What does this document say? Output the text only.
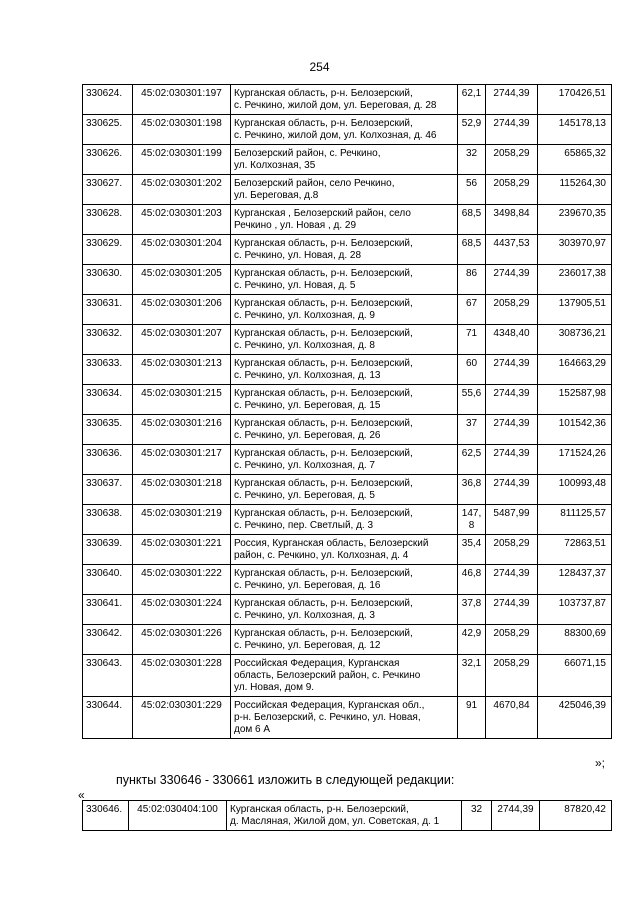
254
330624.	45:02:030301:197	Курганская область, р-н. Белозерский,
с. Речкино, жилой дом, ул. Береговая, д. 28	62,1	2744,39	170426,51
330625.	45:02:030301:198	Курганская область, р-н. Белозерский,
с. Речкино, жилой дом, ул. Колхозная, д. 46	52,9	2744,39	145178,13
330626.	45:02:030301:199	Белозерский район, с. Речкино,
ул. Колхозная, 35	32	2058,29	65865,32
330627.	45:02:030301:202	Белозерский район, село Речкино,
ул. Береговая, д.8	56	2058,29	115264,30
330628.	45:02:030301:203	Курганская , Белозерский район, село
Речкино , ул. Новая , д. 29	68,5	3498,84	239670,35
330629.	45:02:030301:204	Курганская область, р-н. Белозерский,
с. Речкино, ул. Новая, д. 28	68,5	4437,53	303970,97
330630.	45:02:030301:205	Курганская область, р-н. Белозерский,
с. Речкино, ул. Новая, д. 5	86	2744,39	236017,38
330631.	45:02:030301:206	Курганская область, р-н. Белозерский,
с. Речкино, ул. Колхозная, д. 9	67	2058,29	137905,51
330632.	45:02:030301:207	Курганская область, р-н. Белозерский,
с. Речкино, ул. Колхозная, д. 8	71	4348,40	308736,21
330633.	45:02:030301:213	Курганская область, р-н. Белозерский,
с. Речкино, ул. Колхозная, д. 13	60	2744,39	164663,29
330634.	45:02:030301:215	Курганская область, р-н. Белозерский,
с. Речкино, ул. Береговая, д. 15	55,6	2744,39	152587,98
330635.	45:02:030301:216	Курганская область, р-н. Белозерский,
с. Речкино, ул. Береговая, д. 26	37	2744,39	101542,36
330636.	45:02:030301:217	Курганская область, р-н. Белозерский,
с. Речкино, ул. Колхозная, д. 7	62,5	2744,39	171524,26
330637.	45:02:030301:218	Курганская область, р-н. Белозерский,
с. Речкино, ул. Береговая, д. 5	36,8	2744,39	100993,48
330638.	45:02:030301:219	Курганская область, р-н. Белозерский,
с. Речкино, пер. Светлый, д. 3	147,8	5487,99	811125,57
330639.	45:02:030301:221	Россия, Курганская область, Белозерский
район, с. Речкино, ул. Колхозная, д. 4	35,4	2058,29	72863,51
330640.	45:02:030301:222	Курганская область, р-н. Белозерский,
с. Речкино, ул. Береговая, д. 16	46,8	2744,39	128437,37
330641.	45:02:030301:224	Курганская область, р-н. Белозерский,
с. Речкино, ул. Колхозная, д. 3	37,8	2744,39	103737,87
330642.	45:02:030301:226	Курганская область, р-н. Белозерский,
с. Речкино, ул. Береговая, д. 12	42,9	2058,29	88300,69
330643.	45:02:030301:228	Российская Федерация, Курганская
область, Белозерский район, с. Речкино
ул. Новая, дом 9.	32,1	2058,29	66071,15
330644.	45:02:030301:229	Российская Федерация, Курганская обл.,
р-н. Белозерский, с. Речкино, ул. Новая,
дом 6 А	91	4670,84	425046,39
»;
пункты 330646 - 330661 изложить в следующей редакции:
«
330646.	45:02:030404:100	Курганская область, р-н. Белозерский,
д. Масляная, Жилой дом, ул. Советская, д. 1
	32	2744,39	87820,42
